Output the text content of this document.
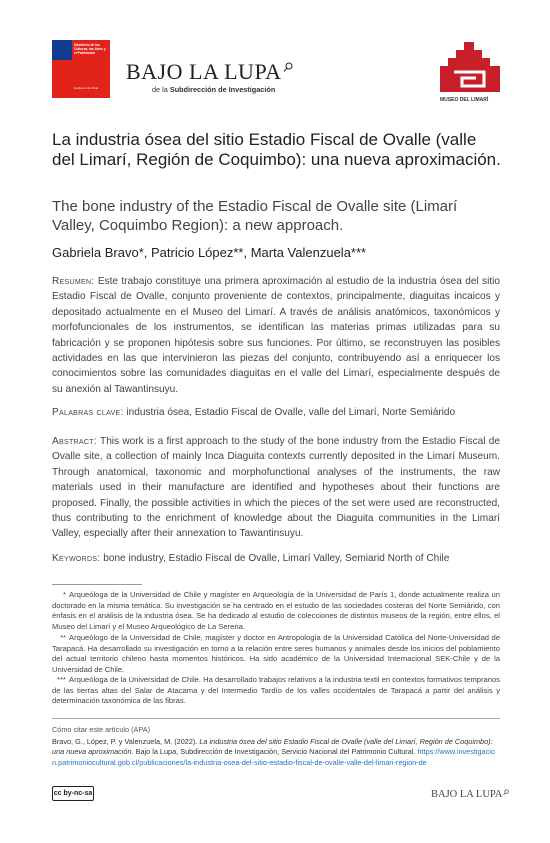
Ministerio de las Culturas, las Artes y el Patrimonio
Gobierno de Chile
BAJO LA LUPA
de la Subdirección de Investigación
MUSEO DEL LIMARÍ
La industria ósea del sitio Estadio Fiscal de Ovalle (valle del Limarí, Región de Coquimbo): una nueva aproximación.
The bone industry of the Estadio Fiscal de Ovalle site (Limarí Valley, Coquimbo Region): a new approach.
Gabriela Bravo*, Patricio López**, Marta Valenzuela***
Resumen: Este trabajo constituye una primera aproximación al estudio de la industria ósea del sitio Estadio Fiscal de Ovalle, conjunto proveniente de contextos, principalmente, diaguitas incaicos y depositado actualmente en el Museo del Limarí. A través de análisis anatómicos, taxonómicos y morfofuncionales de los instrumentos, se identifican las materias primas utilizadas para su fabricación y se proponen hipótesis sobre sus funciones. Por último, se reconstruyen las posibles actividades en las que intervinieron las piezas del conjunto, contribuyendo así a enriquecer los conocimientos sobre las comunidades diaguitas en el valle del Limarí, especialmente después de su anexión al Tawantinsuyu.
Palabras clave: industria ósea, Estadio Fiscal de Ovalle, valle del Limarí, Norte Semiárido
Abstract: This work is a first approach to the study of the bone industry from the Estadio Fiscal de Ovalle site, a collection of mainly Inca Diaguita contexts currently deposited in the Limarí Museum. Through anatomical, taxonomic and morphofunctional analyses of the instruments, the raw materials used in their manufacture are identified and hypotheses about their functions are proposed. Finally, the possible activities in which the pieces of the set were used are reconstructed, thus contributing to the enrichment of knowledge about the Diaguita communities in the Limarí Valley, especially after their annexation to Tawantinsuyu.
Keywords: bone industry, Estadio Fiscal de Ovalle, Limarí Valley, Semiarid North of Chile
* Arqueóloga de la Universidad de Chile y magíster en Arqueología de la Universidad de París 1, donde actualmente realiza un doctorado en la misma temática. Su investigación se ha centrado en el estudio de las sociedades costeras del Norte Semiárido, con énfasis en el análisis de la industria ósea. Se ha dedicado al estudio de colecciones de distintos museos de la región, entre ellos, el Museo del Limarí y el Museo Arqueológico de La Serena.
** Arqueólogo de la Universidad de Chile, magíster y doctor en Antropología de la Universidad Católica del Norte-Universidad de Tarapacá. Ha desarrollado su investigación en torno a la relación entre seres humanos y animales desde los inicios del poblamiento del actual territorio chileno hasta momentos históricos. Ha sido académico de la Universidad Internacional SEK-Chile y de la Universidad de Chile.
*** Arqueóloga de la Universidad de Chile. Ha desarrollado trabajos relativos a la industria textil en contextos formativos tempranos de las tierras altas del Salar de Atacama y del Intermedio Tardío de los valles occidentales de Tarapacá a partir del análisis y determinación taxonómica de las fibras.
Cómo citar este artículo (APA)
Bravo, G., López, P. y Valenzuela, M. (2022). La industria ósea del sitio Estadio Fiscal de Ovalle (valle del Limarí, Región de Coquimbo): una nueva aproximación. Bajo la Lupa, Subdirección de Investigación, Servicio Nacional del Patrimonio Cultural. https://www.investigacion.patrimoniocultural.gob.cl/publicaciones/la-industria-osea-del-sitio-estadio-fiscal-de-ovalle-valle-del-limari-region-de
cc by-nc-sa	BAJO LA LUPA
